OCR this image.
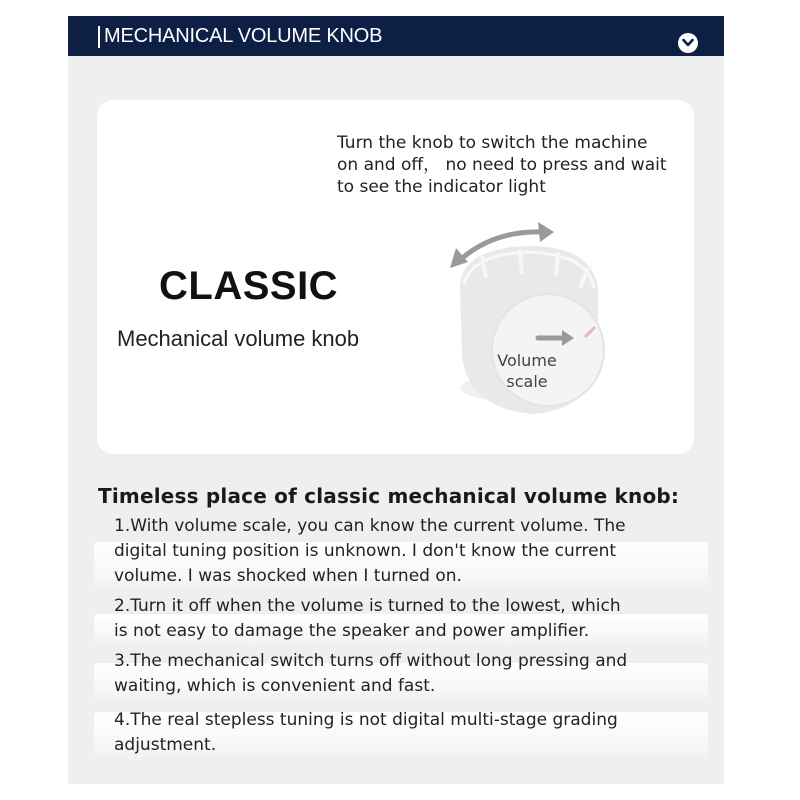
MECHANICAL VOLUME KNOB
Turn the knob to switch the machine
on and off， no need to press and wait
to see the indicator light
CLASSIC
Mechanical volume knob
Volume
scale
Timeless place of classic mechanical volume knob:
1.With volume scale, you can know the current volume. The
digital tuning position is unknown. I don't know the current
volume. I was shocked when I turned on.
2.Turn it off when the volume is turned to the lowest, which
is not easy to damage the speaker and power amplifier.
3.The mechanical switch turns off without long pressing and
waiting, which is convenient and fast.
4.The real stepless tuning is not digital multi-stage grading
adjustment.
